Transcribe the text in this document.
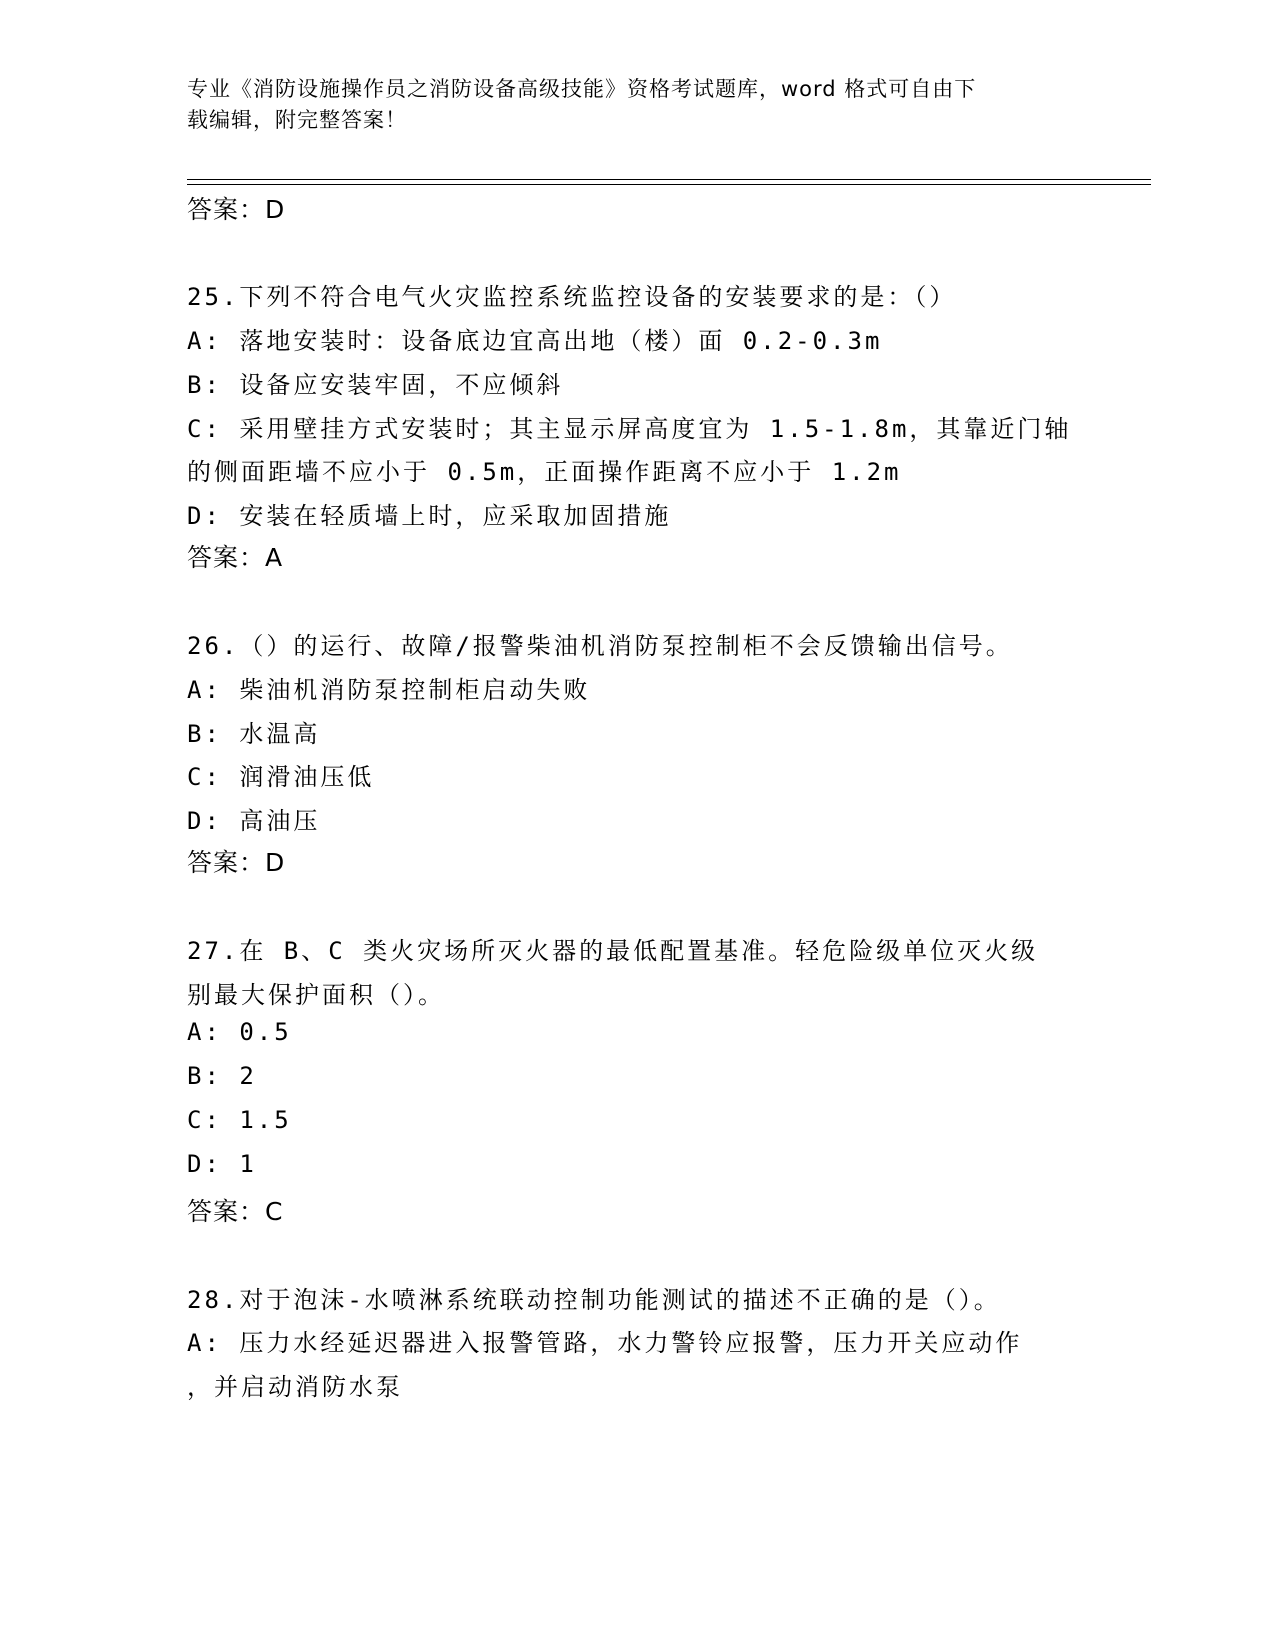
专业《消防设施操作员之消防设备高级技能》资格考试题库，word 格式可自由下
载编辑，附完整答案！
答案：D
25.下列不符合电气火灾监控系统监控设备的安装要求的是：（）
A: 落地安装时：设备底边宜高出地（楼）面 0.2-0.3m
B: 设备应安装牢固，不应倾斜
C: 采用壁挂方式安装时；其主显示屏高度宜为 1.5-1.8m，其靠近门轴
的侧面距墙不应小于 0.5m，正面操作距离不应小于 1.2m
D: 安装在轻质墙上时，应采取加固措施
答案：A
26.（）的运行、故障/报警柴油机消防泵控制柜不会反馈输出信号。
A: 柴油机消防泵控制柜启动失败
B: 水温高
C: 润滑油压低
D: 高油压
答案：D
27.在 B、C 类火灾场所灭火器的最低配置基准。轻危险级单位灭火级
别最大保护面积（）。
A: 0.5
B: 2
C: 1.5
D: 1
答案：C
28.对于泡沫-水喷淋系统联动控制功能测试的描述不正确的是（）。
A: 压力水经延迟器进入报警管路，水力警铃应报警，压力开关应动作
，并启动消防水泵
